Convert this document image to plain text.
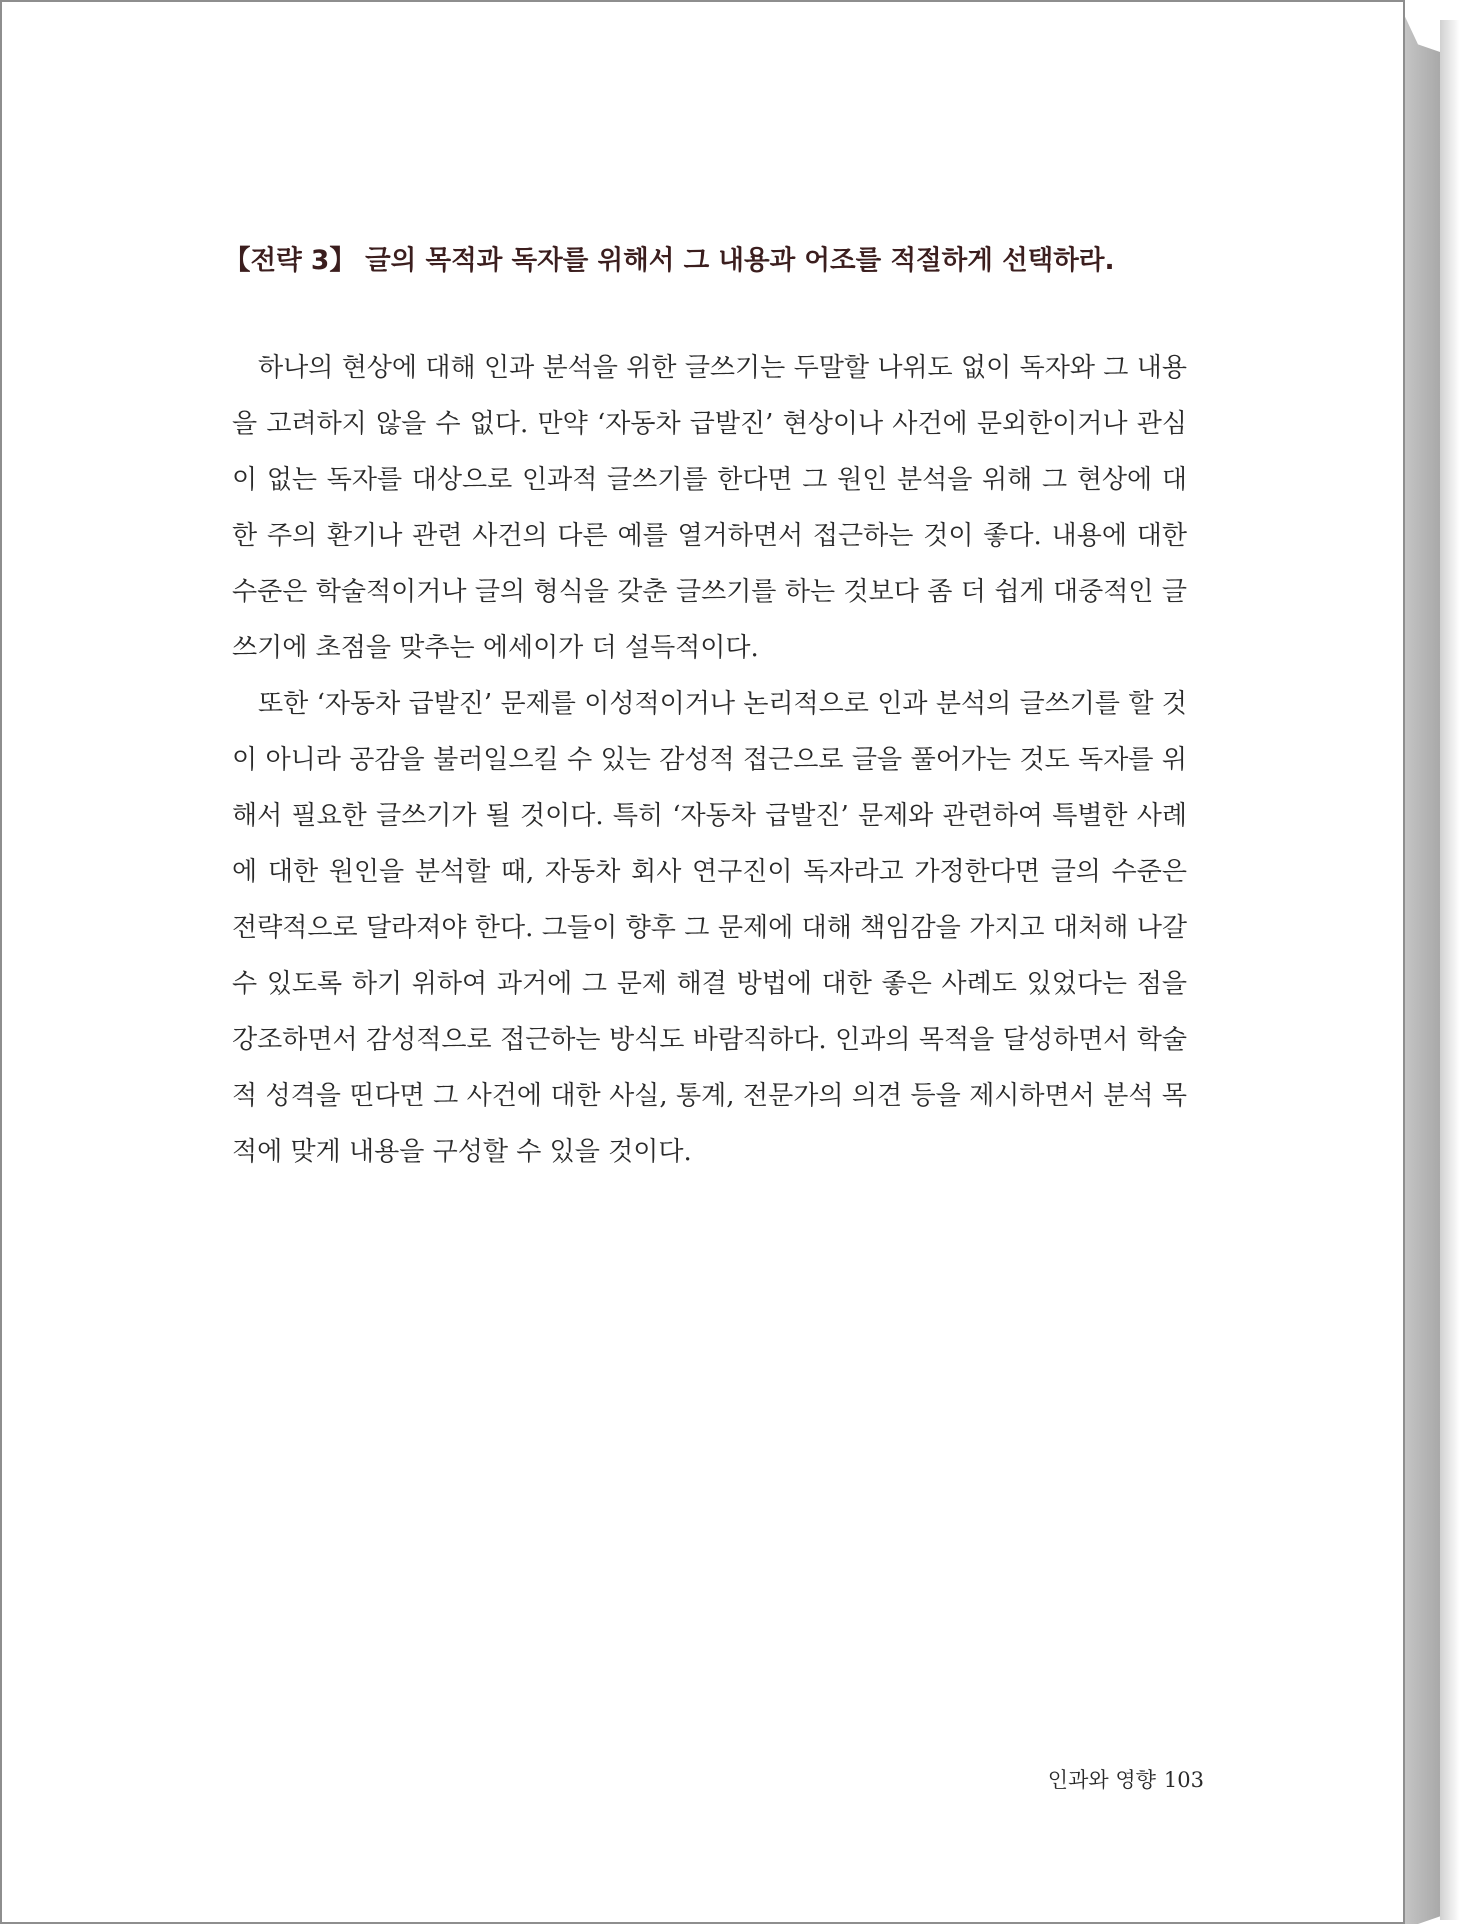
【전략 3】 글의 목적과 독자를 위해서 그 내용과 어조를 적절하게 선택하라.

하나의 현상에 대해 인과 분석을 위한 글쓰기는 두말할 나위도 없이 독자와 그 내용을 고려하지 않을 수 없다. 만약 ‘자동차 급발진’ 현상이나 사건에 문외한이거나 관심이 없는 독자를 대상으로 인과적 글쓰기를 한다면 그 원인 분석을 위해 그 현상에 대한 주의 환기나 관련 사건의 다른 예를 열거하면서 접근하는 것이 좋다. 내용에 대한 수준은 학술적이거나 글의 형식을 갖춘 글쓰기를 하는 것보다 좀 더 쉽게 대중적인 글쓰기에 초점을 맞추는 에세이가 더 설득적이다.

또한 ‘자동차 급발진’ 문제를 이성적이거나 논리적으로 인과 분석의 글쓰기를 할 것이 아니라 공감을 불러일으킬 수 있는 감성적 접근으로 글을 풀어가는 것도 독자를 위해서 필요한 글쓰기가 될 것이다. 특히 ‘자동차 급발진’ 문제와 관련하여 특별한 사례에 대한 원인을 분석할 때, 자동차 회사 연구진이 독자라고 가정한다면 글의 수준은 전략적으로 달라져야 한다. 그들이 향후 그 문제에 대해 책임감을 가지고 대처해 나갈 수 있도록 하기 위하여 과거에 그 문제 해결 방법에 대한 좋은 사례도 있었다는 점을 강조하면서 감성적으로 접근하는 방식도 바람직하다. 인과의 목적을 달성하면서 학술적 성격을 띤다면 그 사건에 대한 사실, 통계, 전문가의 의견 등을 제시하면서 분석 목적에 맞게 내용을 구성할 수 있을 것이다.

인과와 영향 103
